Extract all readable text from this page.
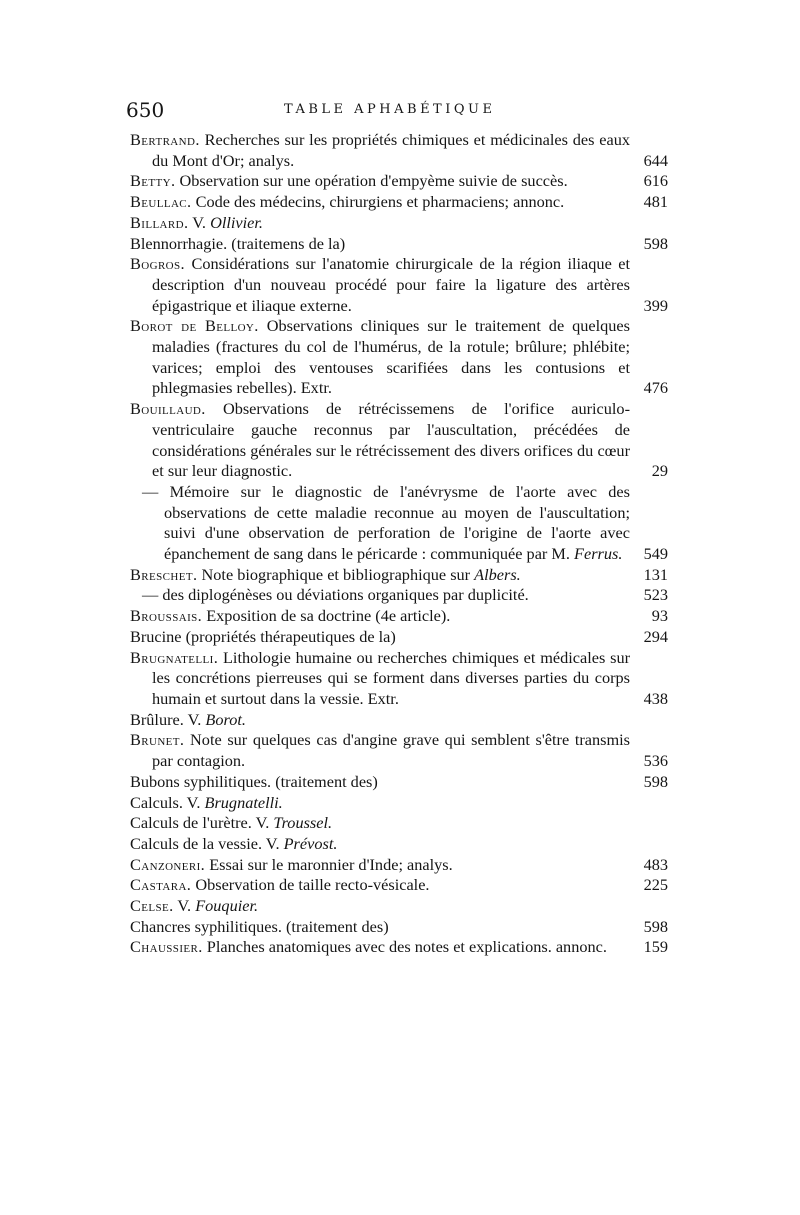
650	TABLE APHABÉTIQUE
Bertrand. Recherches sur les propriétés chimiques et médicinales des eaux du Mont d'Or; analys.	644
Betty. Observation sur une opération d'empyème suivie de succès.	616
Beullac. Code des médecins, chirurgiens et pharmaciens; annonc.	481
Billard. V. Ollivier.
Blennorrhagie. (traitemens de la)	598
Bogros. Considérations sur l'anatomie chirurgicale de la région iliaque et description d'un nouveau procédé pour faire la ligature des artères épigastrique et iliaque externe.	399
Borot de Belloy. Observations cliniques sur le traitement de quelques maladies (fractures du col de l'humérus, de la rotule; brûlure; phlébite; varices; emploi des ventouses scarifiées dans les contusions et phlegmasies rebelles). Extr.	476
Bouillaud. Observations de rétrécissemens de l'orifice auriculo-ventriculaire gauche reconnus par l'auscultation, précédées de considérations générales sur le rétrécissement des divers orifices du cœur et sur leur diagnostic.	29
— Mémoire sur le diagnostic de l'anévrysme de l'aorte avec des observations de cette maladie reconnue au moyen de l'auscultation; suivi d'une observation de perforation de l'origine de l'aorte avec épanchement de sang dans le péricarde : communiquée par M. Ferrus. 549
Breschet. Note biographique et bibliographique sur Albers.	131
— des diplogénèses ou déviations organiques par duplicité.	523
Broussais. Exposition de sa doctrine (4e article).	93
Brucine (propriétés thérapeutiques de la)	294
Brugnatelli. Lithologie humaine ou recherches chimiques et médicales sur les concrétions pierreuses qui se forment dans diverses parties du corps humain et surtout dans la vessie. Extr.	438
Brûlure. V. Borot.
Brunet. Note sur quelques cas d'angine grave qui semblent s'être transmis par contagion.	536
Bubons syphilitiques. (traitement des)	598
Calculs. V. Brugnatelli.
Calculs de l'urètre. V. Troussel.
Calculs de la vessie. V. Prévost.
Canzoneri. Essai sur le maronnier d'Inde; analys.	483
Castara. Observation de taille recto-vésicale.	225
Celse. V. Fouquier.
Chancres syphilitiques. (traitement des)	598
Chaussier. Planches anatomiques avec des notes et explications. annonc. 159
